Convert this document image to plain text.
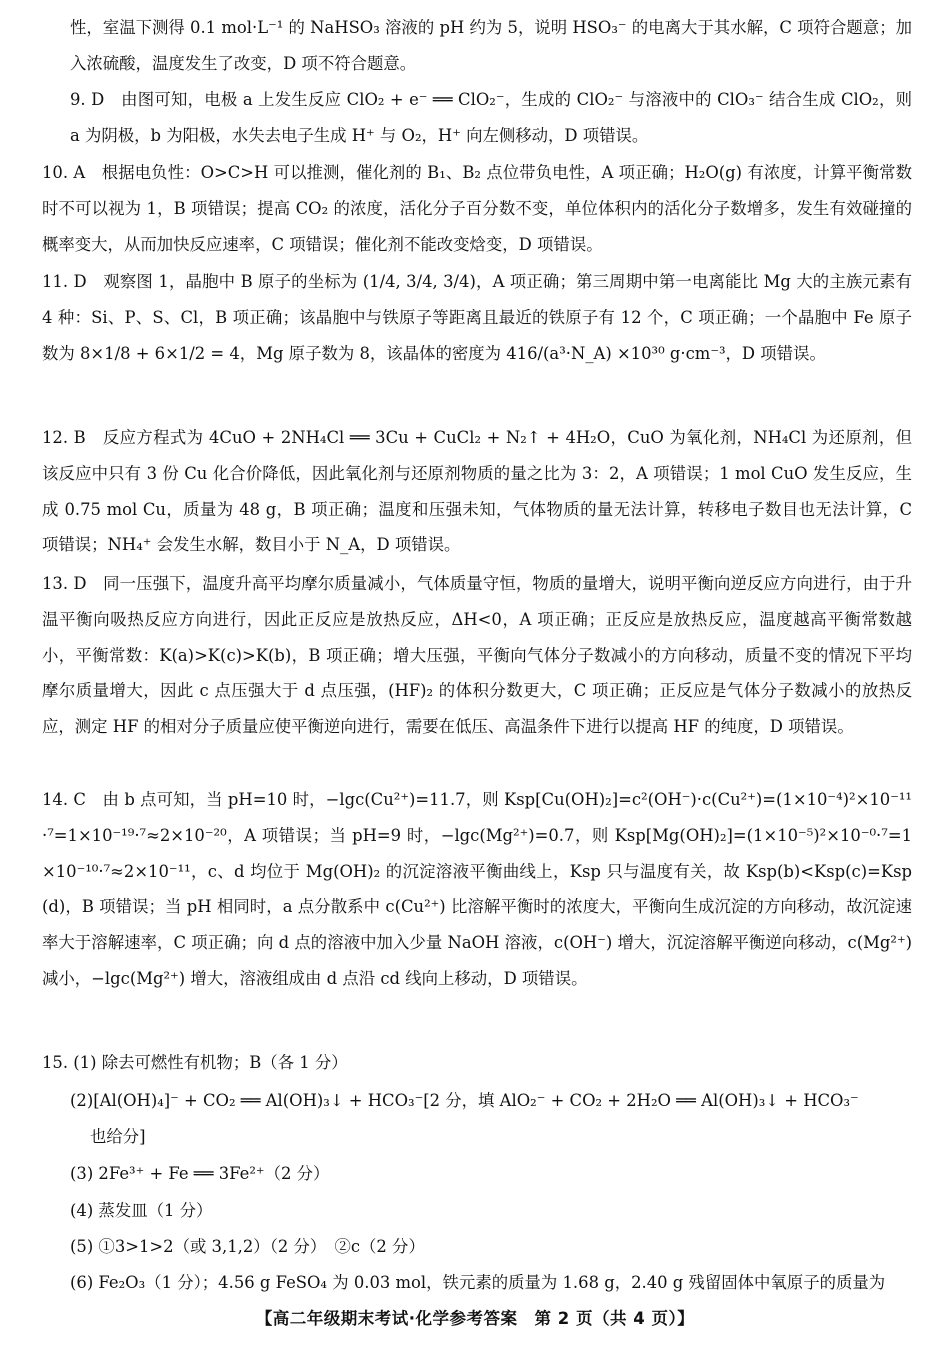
性，室温下测得 0.1 mol·L⁻¹ 的 NaHSO₃ 溶液的 pH 约为 5，说明 HSO₃⁻ 的电离大于其水解，C 项符合题意；加入浓硫酸，温度发生了改变，D 项不符合题意。
9. D　由图可知，电极 a 上发生反应 ClO₂ + e⁻ ══ ClO₂⁻，生成的 ClO₂⁻ 与溶液中的 ClO₃⁻ 结合生成 ClO₂，则 a 为阴极，b 为阳极，水失去电子生成 H⁺ 与 O₂，H⁺ 向左侧移动，D 项错误。
10. A　根据电负性：O>C>H 可以推测，催化剂的 B₁、B₂ 点位带负电性，A 项正确；H₂O(g) 有浓度，计算平衡常数时不可以视为 1，B 项错误；提高 CO₂ 的浓度，活化分子百分数不变，单位体积内的活化分子数增多，发生有效碰撞的概率变大，从而加快反应速率，C 项错误；催化剂不能改变焓变，D 项错误。
11. D　观察图 1，晶胞中 B 原子的坐标为 (1/4, 3/4, 3/4)，A 项正确；第三周期中第一电离能比 Mg 大的主族元素有 4 种：Si、P、S、Cl，B 项正确；该晶胞中与铁原子等距离且最近的铁原子有 12 个，C 项正确；一个晶胞中 Fe 原子数为 8×1/8 + 6×1/2 = 4，Mg 原子数为 8，该晶体的密度为 416/(a³·N_A) ×10³⁰ g·cm⁻³，D 项错误。
12. B　反应方程式为 4CuO + 2NH₄Cl ══ 3Cu + CuCl₂ + N₂↑ + 4H₂O，CuO 为氧化剂，NH₄Cl 为还原剂，但该反应中只有 3 份 Cu 化合价降低，因此氧化剂与还原剂物质的量之比为 3：2，A 项错误；1 mol CuO 发生反应，生成 0.75 mol Cu，质量为 48 g，B 项正确；温度和压强未知，气体物质的量无法计算，转移电子数目也无法计算，C 项错误；NH₄⁺ 会发生水解，数目小于 N_A，D 项错误。
13. D　同一压强下，温度升高平均摩尔质量减小，气体质量守恒，物质的量增大，说明平衡向逆反应方向进行，由于升温平衡向吸热反应方向进行，因此正反应是放热反应，ΔH<0，A 项正确；正反应是放热反应，温度越高平衡常数越小，平衡常数：K(a)>K(c)>K(b)，B 项正确；增大压强，平衡向气体分子数减小的方向移动，质量不变的情况下平均摩尔质量增大，因此 c 点压强大于 d 点压强，(HF)₂ 的体积分数更大，C 项正确；正反应是气体分子数减小的放热反应，测定 HF 的相对分子质量应使平衡逆向进行，需要在低压、高温条件下进行以提高 HF 的纯度，D 项错误。
14. C　由 b 点可知，当 pH=10 时，−lgc(Cu²⁺)=11.7，则 Ksp[Cu(OH)₂]=c²(OH⁻)·c(Cu²⁺)=(1×10⁻⁴)²×10⁻¹¹·⁷=1×10⁻¹⁹·⁷≈2×10⁻²⁰，A 项错误；当 pH=9 时，−lgc(Mg²⁺)=0.7，则 Ksp[Mg(OH)₂]=(1×10⁻⁵)²×10⁻⁰·⁷=1×10⁻¹⁰·⁷≈2×10⁻¹¹，c、d 均位于 Mg(OH)₂ 的沉淀溶液平衡曲线上，Ksp 只与温度有关，故 Ksp(b)<Ksp(c)=Ksp(d)，B 项错误；当 pH 相同时，a 点分散系中 c(Cu²⁺) 比溶解平衡时的浓度大，平衡向生成沉淀的方向移动，故沉淀速率大于溶解速率，C 项正确；向 d 点的溶液中加入少量 NaOH 溶液，c(OH⁻) 增大，沉淀溶解平衡逆向移动，c(Mg²⁺) 减小，−lgc(Mg²⁺) 增大，溶液组成由 d 点沿 cd 线向上移动，D 项错误。
15. (1) 除去可燃性有机物；B（各 1 分）
(2)[Al(OH)₄]⁻ + CO₂ ══ Al(OH)₃↓ + HCO₃⁻[2 分，填 AlO₂⁻ + CO₂ + 2H₂O ══ Al(OH)₃↓ + HCO₃⁻
也给分]
(3) 2Fe³⁺ + Fe ══ 3Fe²⁺（2 分）
(4) 蒸发皿（1 分）
(5) ①3>1>2（或 3,1,2）（2 分）　②c（2 分）
(6) Fe₂O₃（1 分）；4.56 g FeSO₄ 为 0.03 mol，铁元素的质量为 1.68 g，2.40 g 残留固体中氧原子的质量为
【高二年级期末考试·化学参考答案　第 2 页（共 4 页）】
